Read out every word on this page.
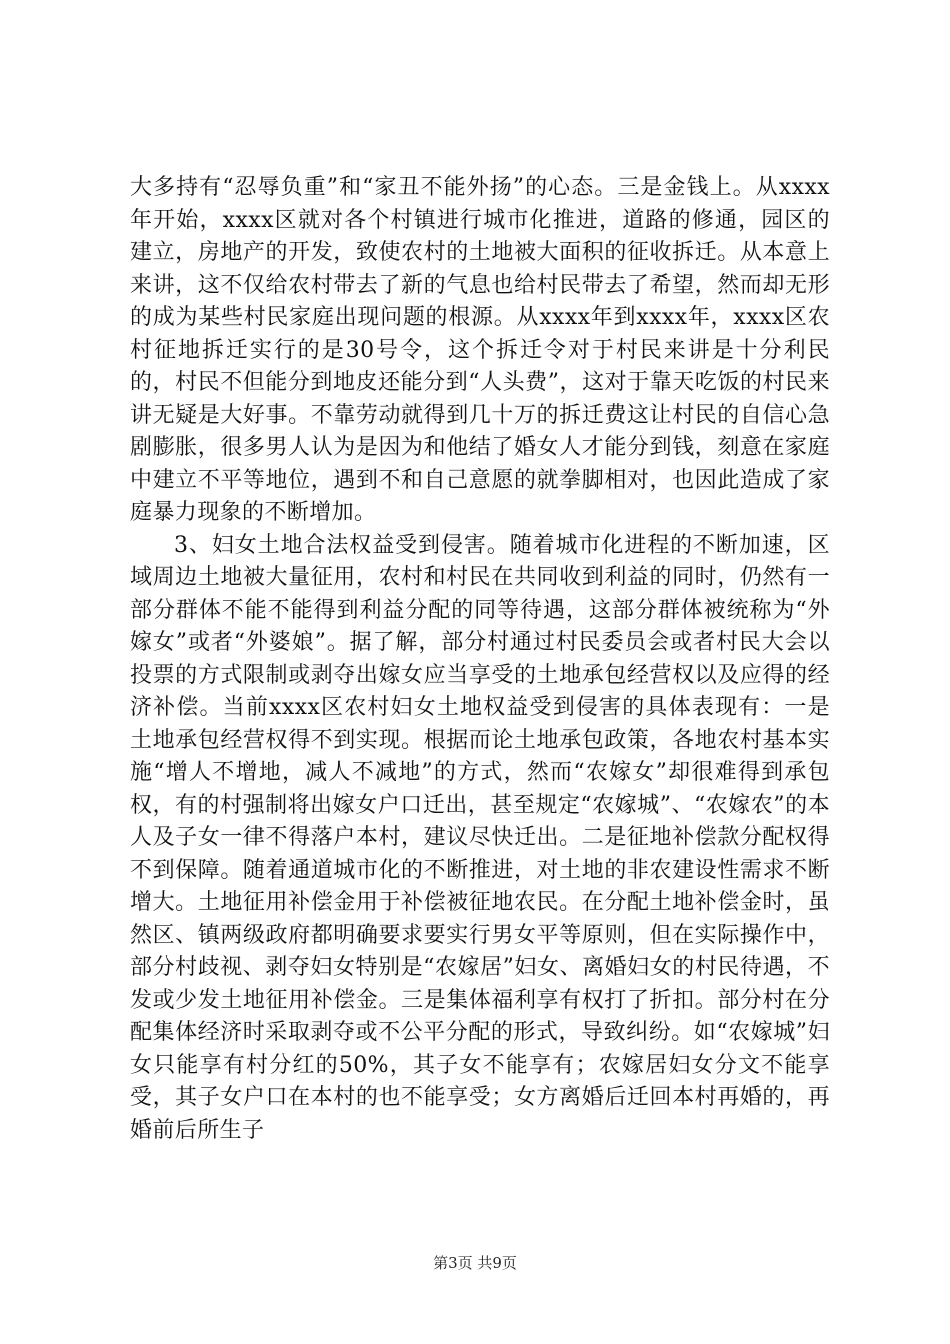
大多持有“忍辱负重”和“家丑不能外扬”的心态。三是金钱上。从xxxx年开始，xxxx区就对各个村镇进行城市化推进，道路的修通，园区的建立，房地产的开发，致使农村的土地被大面积的征收拆迁。从本意上来讲，这不仅给农村带去了新的气息也给村民带去了希望，然而却无形的成为某些村民家庭出现问题的根源。从xxxx年到xxxx年，xxxx区农村征地拆迁实行的是30号令，这个拆迁令对于村民来讲是十分利民的，村民不但能分到地皮还能分到“人头费”，这对于靠天吃饭的村民来讲无疑是大好事。不靠劳动就得到几十万的拆迁费这让村民的自信心急剧膨胀，很多男人认为是因为和他结了婚女人才能分到钱，刻意在家庭中建立不平等地位，遇到不和自己意愿的就拳脚相对，也因此造成了家庭暴力现象的不断增加。

3、妇女土地合法权益受到侵害。随着城市化进程的不断加速，区域周边土地被大量征用，农村和村民在共同收到利益的同时，仍然有一部分群体不能不能得到利益分配的同等待遇，这部分群体被统称为“外嫁女”或者“外婆娘”。据了解，部分村通过村民委员会或者村民大会以投票的方式限制或剥夺出嫁女应当享受的土地承包经营权以及应得的经济补偿。当前xxxx区农村妇女土地权益受到侵害的具体表现有：一是土地承包经营权得不到实现。根据而论土地承包政策，各地农村基本实施“增人不增地，减人不减地”的方式，然而“农嫁女”却很难得到承包权，有的村强制将出嫁女户口迁出，甚至规定“农嫁城”、“农嫁农”的本人及子女一律不得落户本村，建议尽快迁出。二是征地补偿款分配权得不到保障。随着通道城市化的不断推进，对土地的非农建设性需求不断增大。土地征用补偿金用于补偿被征地农民。在分配土地补偿金时，虽然区、镇两级政府都明确要求要实行男女平等原则，但在实际操作中，部分村歧视、剥夺妇女特别是“农嫁居”妇女、离婚妇女的村民待遇，不发或少发土地征用补偿金。三是集体福利享有权打了折扣。部分村在分配集体经济时采取剥夺或不公平分配的形式，导致纠纷。如“农嫁城”妇女只能享有村分红的50%，其子女不能享有；农嫁居妇女分文不能享受，其子女户口在本村的也不能享受；女方离婚后迁回本村再婚的，再婚前后所生子

第3页 共9页
